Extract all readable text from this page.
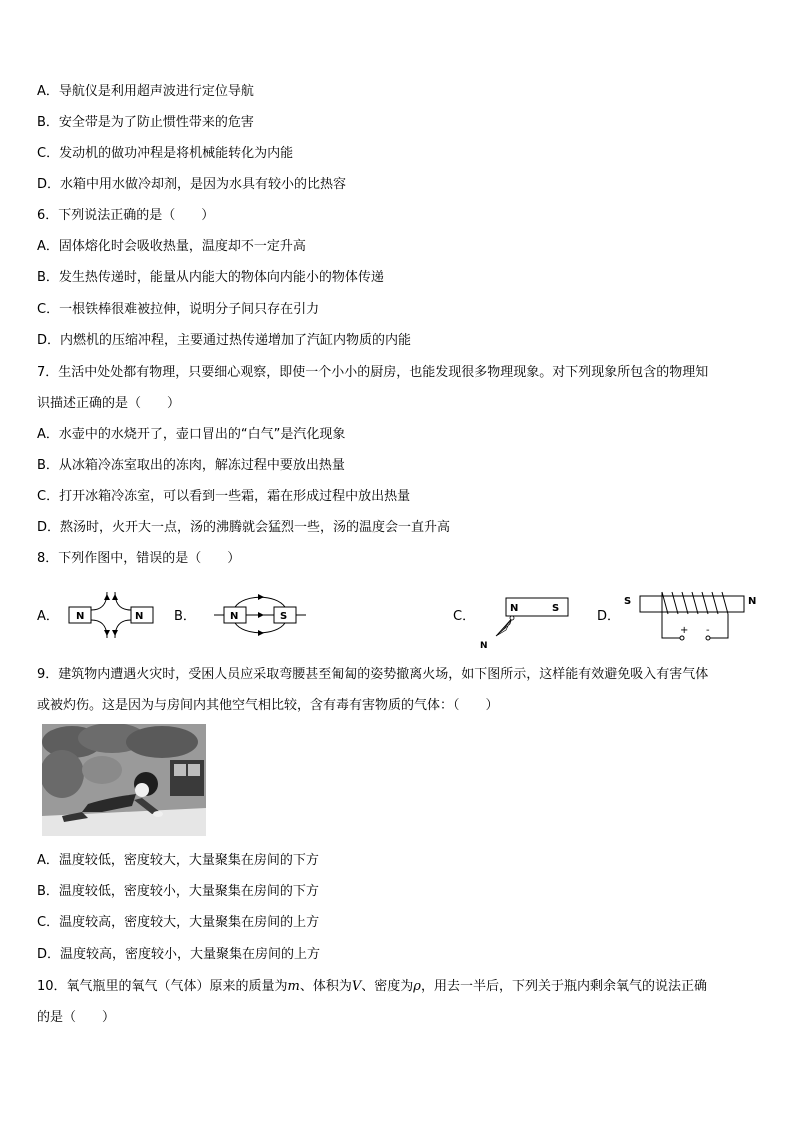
A．导航仪是利用超声波进行定位导航
B．安全带是为了防止惯性带来的危害
C．发动机的做功冲程是将机械能转化为内能
D．水箱中用水做冷却剂，是因为水具有较小的比热容
6．下列说法正确的是（　　）
A．固体熔化时会吸收热量，温度却不一定升高
B．发生热传递时，能量从内能大的物体向内能小的物体传递
C．一根铁棒很难被拉伸，说明分子间只存在引力
D．内燃机的压缩冲程，主要通过热传递增加了汽缸内物质的内能
7．生活中处处都有物理，只要细心观察，即使一个小小的厨房，也能发现很多物理现象。对下列现象所包含的物理知
识描述正确的是（　　）
A．水壶中的水烧开了，壶口冒出的“白气”是汽化现象
B．从冰箱冷冻室取出的冻肉，解冻过程中要放出热量
C．打开冰箱冷冻室，可以看到一些霜，霜在形成过程中放出热量
D．熬汤时，火开大一点，汤的沸腾就会猛烈一些，汤的温度会一直升高
8．下列作图中，错误的是（　　）
A．	B．	C．	D．
N	N	N	S
N	S
N
S	N
+ -
9．建筑物内遭遇火灾时，受困人员应采取弯腰甚至匍匐的姿势撤离火场，如下图所示，这样能有效避免吸入有害气体
或被灼伤。这是因为与房间内其他空气相比较，含有毒有害物质的气体：（　　）
A．温度较低，密度较大，大量聚集在房间的下方
B．温度较低，密度较小，大量聚集在房间的下方
C．温度较高，密度较大，大量聚集在房间的上方
D．温度较高，密度较小，大量聚集在房间的上方
10．氧气瓶里的氧气（气体）原来的质量为m、体积为V、密度为ρ，用去一半后，下列关于瓶内剩余氧气的说法正确
的是（　　）
